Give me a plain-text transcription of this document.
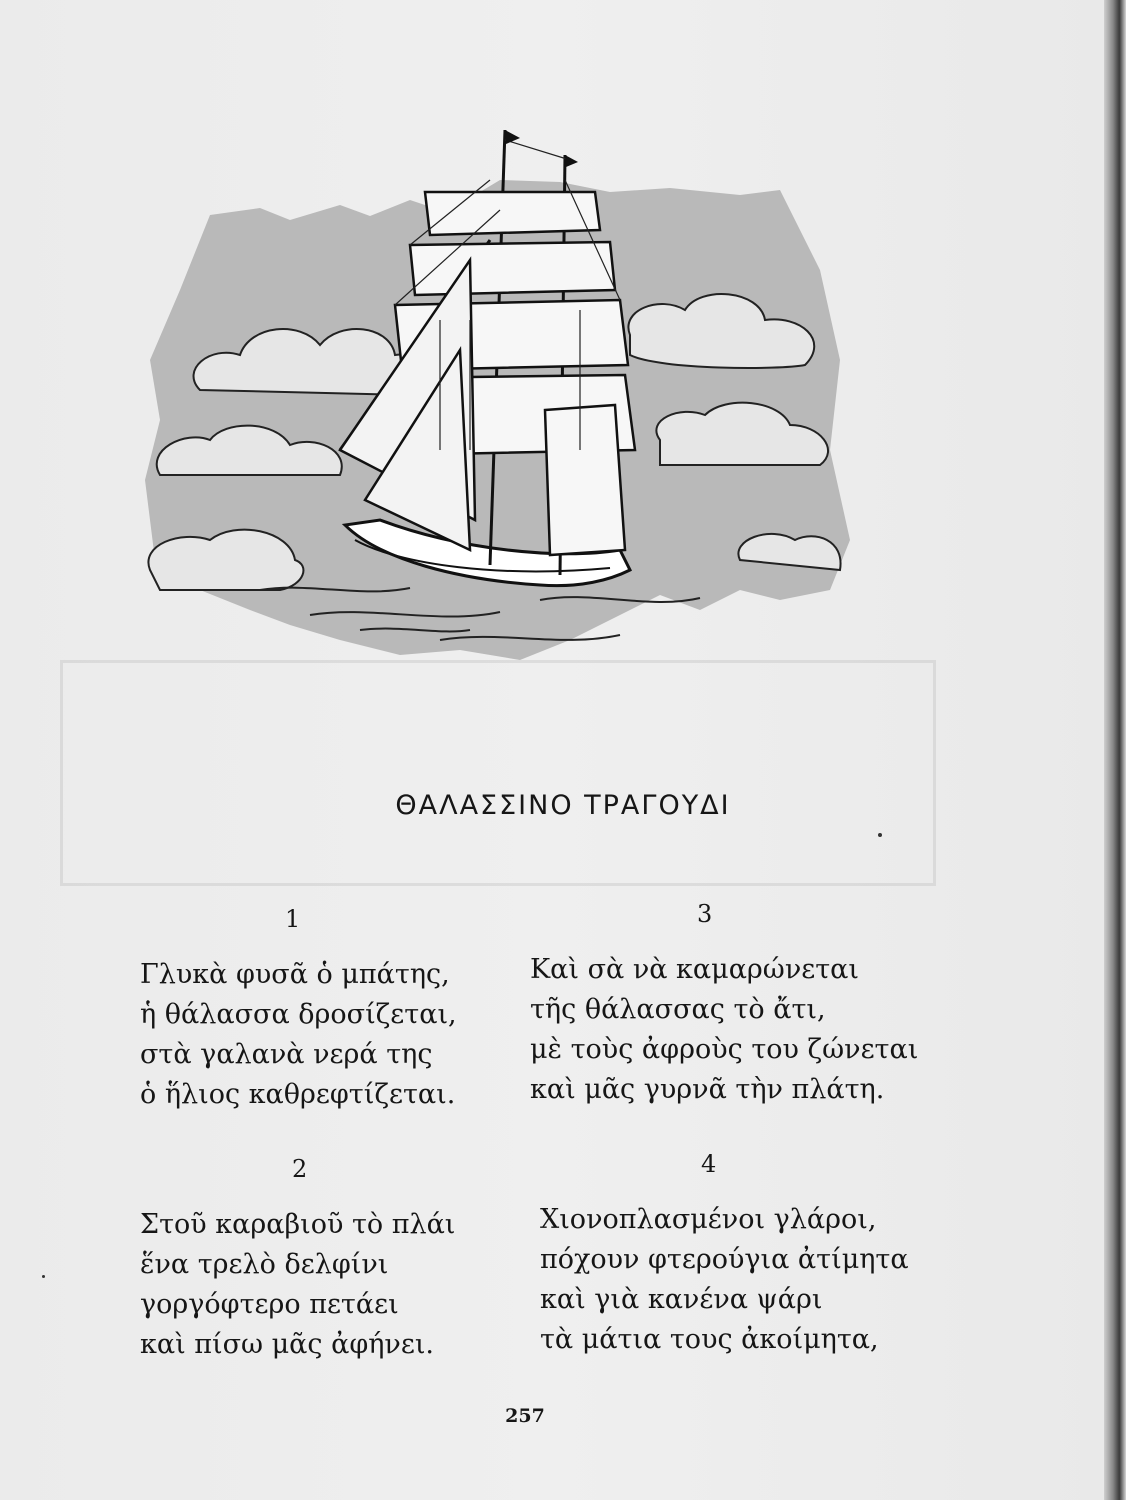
ΘΑΛΑΣΣΙΝΟ ΤΡΑΓΟΥΔΙ
1
Γλυκὰ φυσᾶ ὁ μπάτης,
ἡ θάλασσα δροσίζεται,
στὰ γαλανὰ νερά της
ὁ ἥλιος καθρεφτίζεται.
2
Στοῦ καραβιοῦ τὸ πλάι
ἕνα τρελὸ δελφίνι
γοργόφτερο πετάει
καὶ πίσω μᾶς ἀφήνει.
3
Καὶ σὰ νὰ καμαρώνεται
τῆς θάλασσας τὸ ἄτι,
μὲ τοὺς ἀφροὺς του ζώνεται
καὶ μᾶς γυρνᾶ τὴν πλάτη.
4
Χιονοπλασμένοι γλάροι,
πόχουν φτερούγια ἀτίμητα
καὶ γιὰ κανένα ψάρι
τὰ μάτια τους ἀκοίμητα,
257
